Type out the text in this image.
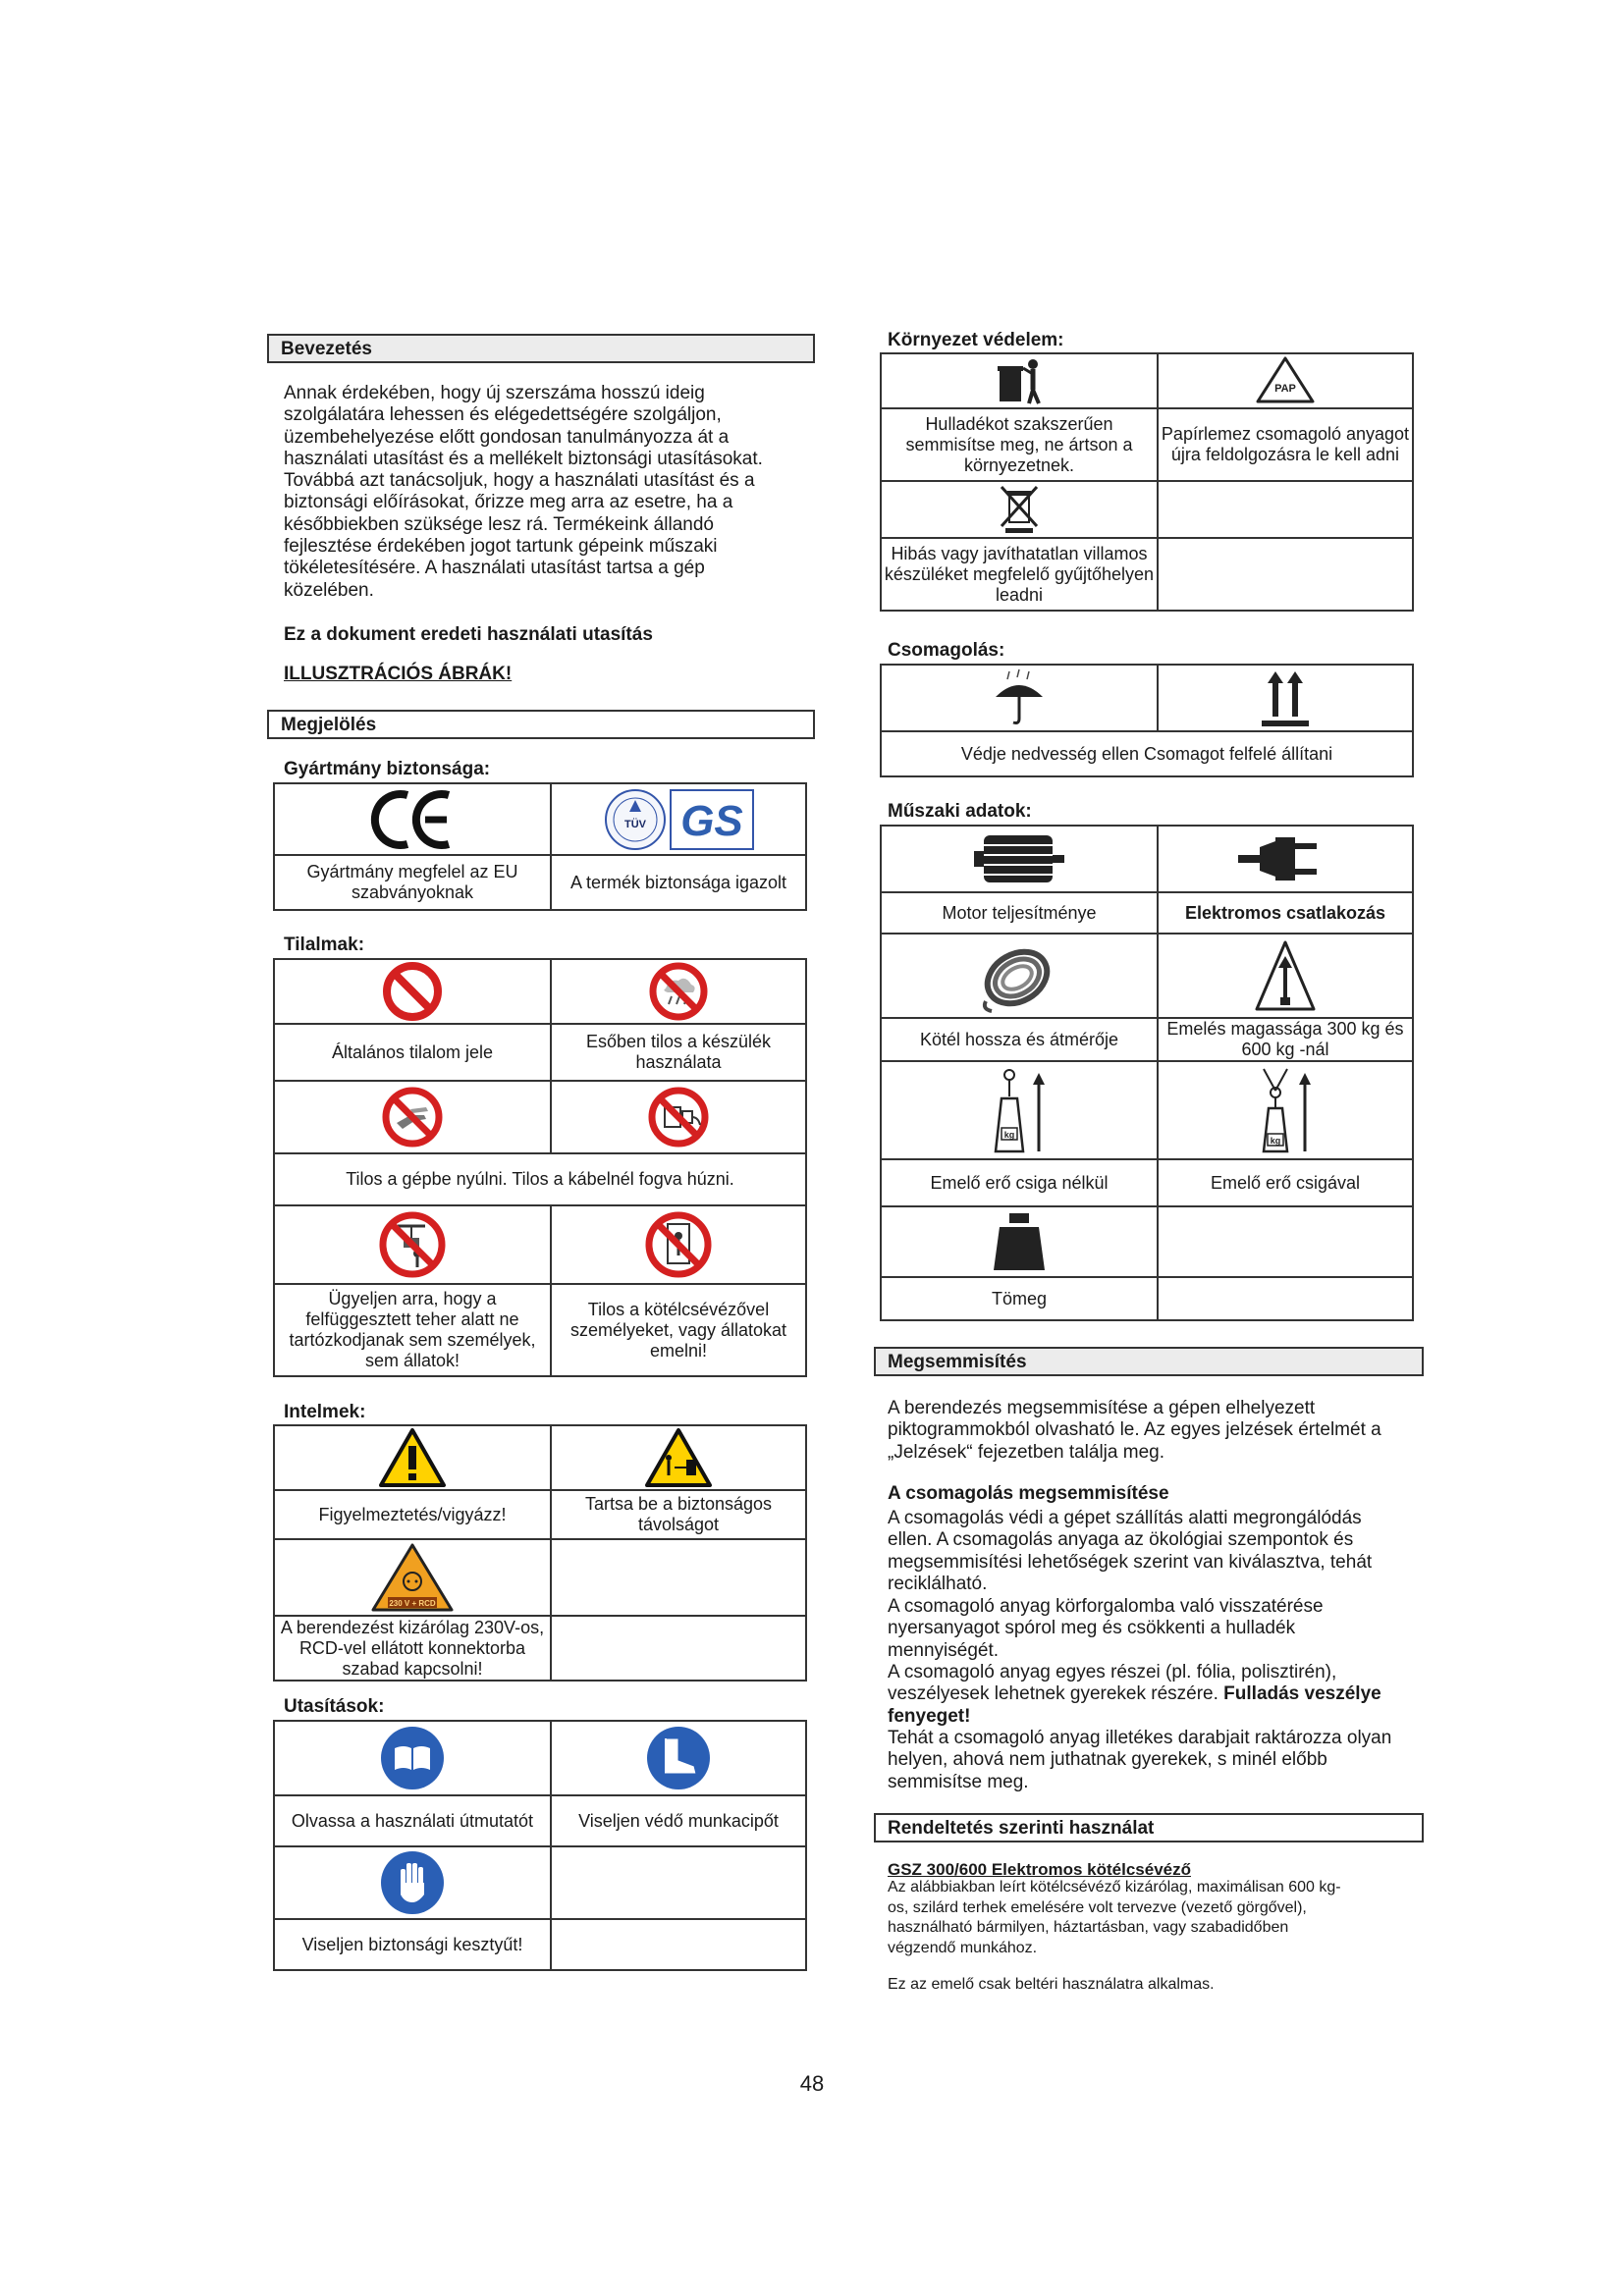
Bevezetés
Annak érdekében, hogy új szerszáma hosszú ideig szolgálatára lehessen és elégedettségére szolgáljon, üzembehelyezése előtt gondosan tanulmányozza át a használati utasítást és a mellékelt biztonsági utasításokat. Továbbá azt tanácsoljuk, hogy a használati utasítást és a biztonsági előírásokat, őrizze meg arra az esetre, ha a későbbiekben szüksége lesz rá. Termékeink állandó fejlesztése érdekében jogot tartunk gépeink műszaki tökéletesítésére. A használati utasítást tartsa a gép közelében.
Ez a dokument eredeti használati utasítás
ILLUSZTRÁCIÓS ÁBRÁK!
Megjelölés
Gyártmány biztonsága:

TÜV GS

Gyártmány megfelel az EU szabványoknak	A termék biztonsága igazolt
Tilalmak:

Általános tilalom jele	Esőben tilos a készülék használata

Tilos a gépbe nyúlni. Tilos a kábelnél fogva húzni.	

Ügyeljen arra, hogy a felfüggesztett teher alatt ne tartózkodjanak sem személyek, sem állatok!	Tilos a kötélcsévézővel személyeket, vagy állatokat emelni!
Intelmek:

Figyelmeztetés/vigyázz!	Tartsa be a biztonságos távolságot

230 V + RCD	

A berendezést kizárólag 230V-os, RCD-vel ellátott konnektorba szabad kapcsolni!	
Utasítások:

Olvassa a használati útmutatót	Viseljen védő munkacipőt

Viseljen biztonsági kesztyűt!	
Környezet védelem:

PAP

Hulladékot szakszerűen semmisítse meg, ne ártson a környezetnek.	Papírlemez csomagoló anyagot újra feldolgozásra le kell adni

Hibás vagy javíthatatlan villamos készüléket megfelelő gyűjtőhelyen leadni	
Csomagolás:

Védje nedvesség ellen Csomagot felfelé állítani
Műszaki adatok:

Motor teljesítménye	Elektromos csatlakozás

Kötél hossza és átmérője	Emelés magassága 300 kg és 600 kg -nál

kg	kg

Emelő erő csiga nélkül	Emelő erő csigával

Tömeg	
Megsemmisítés
A berendezés megsemmisítése a gépen elhelyezett piktogrammokból olvasható le. Az egyes jelzések értelmét a „Jelzések“ fejezetben találja meg.
A csomagolás megsemmisítése
A csomagolás védi a gépet szállítás alatti megrongálódás ellen. A csomagolás anyaga az ökológiai szempontok és megsemmisítési lehetőségek szerint van kiválasztva, tehát reciklálható.
A csomagoló anyag körforgalomba való visszatérése nyersanyagot spórol meg és csökkenti a hulladék mennyiségét.
A csomagoló anyag egyes részei (pl. fólia, polisztirén), veszélyesek lehetnek gyerekek részére. Fulladás veszélye fenyeget!
Tehát a csomagoló anyag illetékes darabjait raktározza olyan helyen, ahová nem juthatnak gyerekek, s minél előbb semmisítse meg.
Rendeltetés szerinti használat
GSZ 300/600 Elektromos kötélcsévéző
Az alábbiakban leírt kötélcsévéző kizárólag, maximálisan 600 kg-os, szilárd terhek emelésére volt tervezve (vezető görgővel), használható bármilyen, háztartásban, vagy szabadidőben végzendő munkához.
Ez az emelő csak beltéri használatra alkalmas.
48
